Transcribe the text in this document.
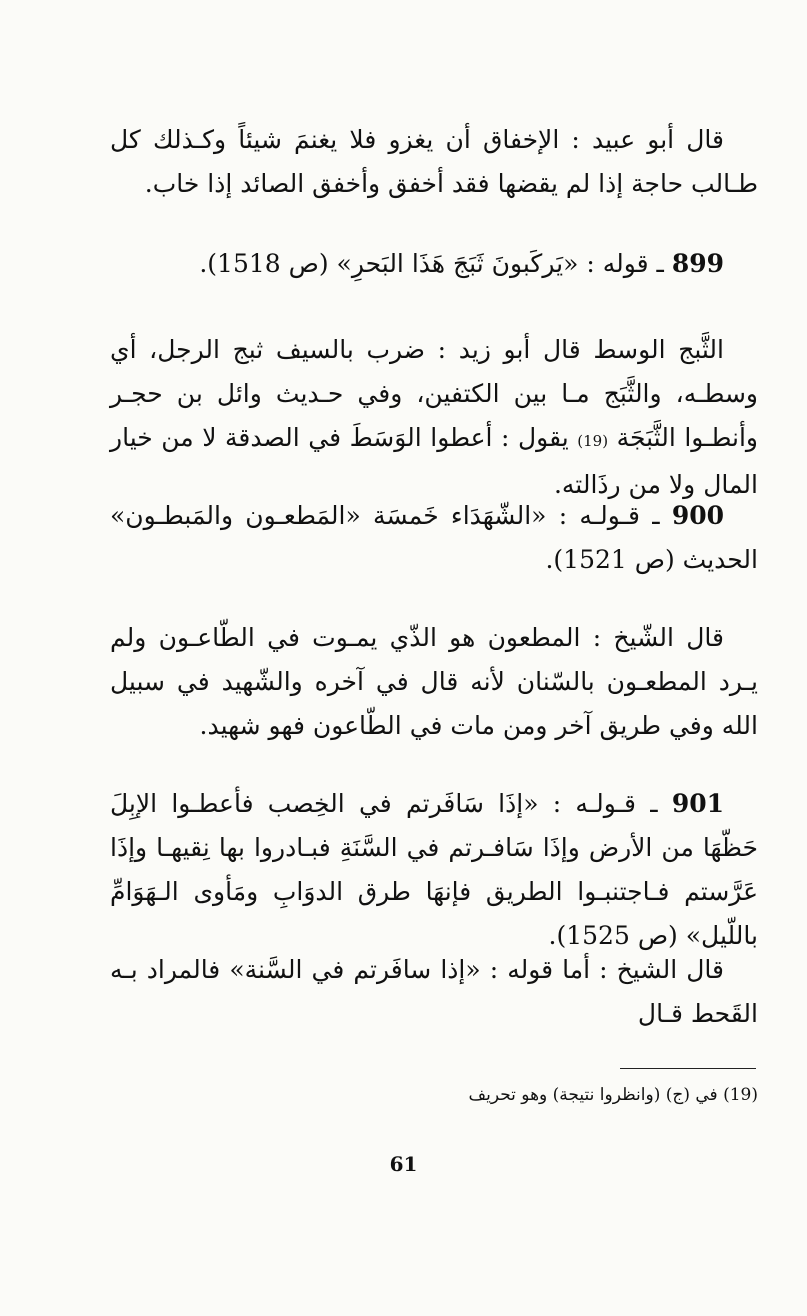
قال أبو عبيد : الإخفاق أن يغزو فلا يغنمَ شيئاً وكـذلك كل طـالب حاجة إذا لم يقضها فقد أخفق وأخفق الصائد إذا خاب.

899 ـ قوله : «يَركَبونَ ثَبَجَ هَذَا البَحرِ» (ص 1518).

الثَّبج الوسط قال أبو زيد : ضرب بالسيف ثبج الرجل، أي وسطـه، والثَّبَج مـا بين الكتفين، وفي حـديث وائل بن حجـر وأنطـوا الثَّبَجَة (19) يقول : أعطوا الوَسَطَ في الصدقة لا من خيار المال ولا من رذَالته.

900 ـ قـولـه : «الشّهَدَاء خَمسَة «المَطعـون والمَبطـون» الحديث (ص 1521).

قال الشّيخ : المطعون هو الذّي يمـوت في الطّاعـون ولم يـرد المطعـون بالسّنان لأنه قال في آخره والشّهيد في سبيل الله وفي طريق آخر ومن مات في الطّاعون فهو شهيد.

901 ـ قـولـه : «إذَا سَافَرتم في الخِصب فأعطـوا الإبِلَ حَظّهَا من الأرض وإذَا سَافـرتم في السَّنَةِ فبـادروا بها نِقيهـا وإذَا عَرَّستم فـاجتنبـوا الطريق فإنهَا طرق الدوَابِ ومَأوى الـهَوَامِّ باللّيل» (ص 1525).

قال الشيخ : أما قوله : «إذا سافَرتم في السَّنة» فالمراد بـه القَحط قـال

(19) في (ج) (وانظروا نتيجة) وهو تحريف
61
